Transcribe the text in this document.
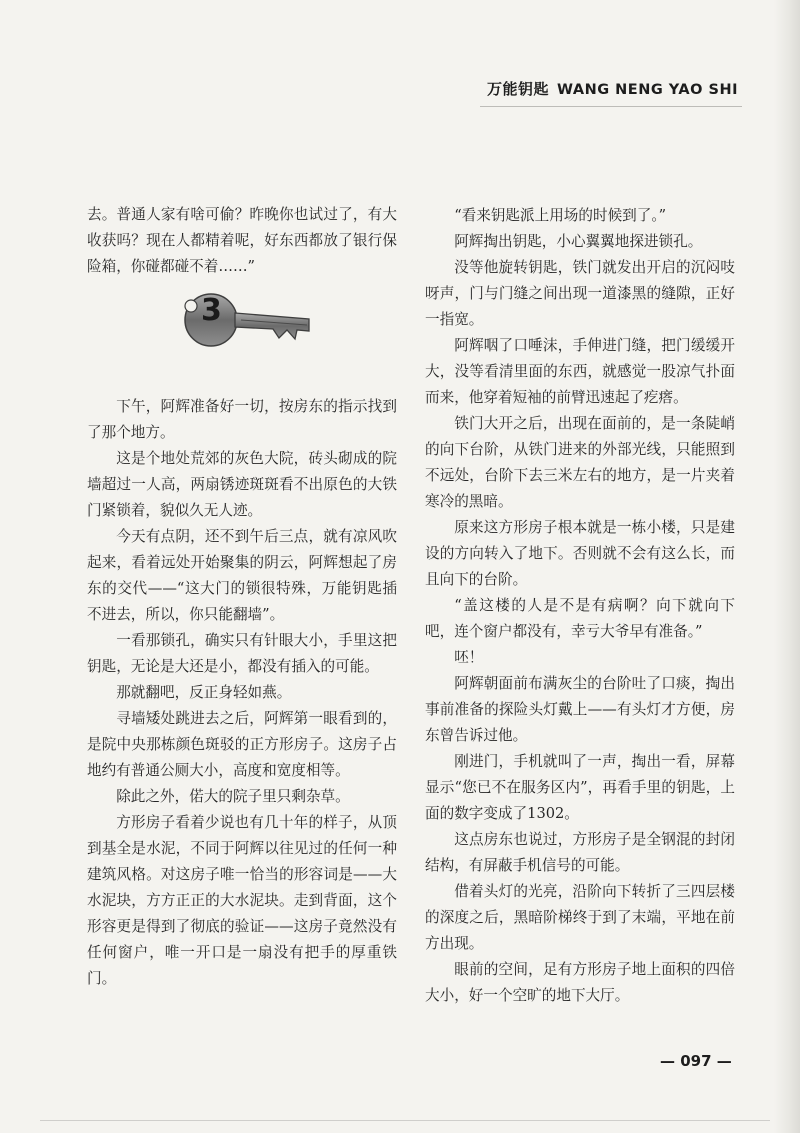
万能钥匙 WANG NENG YAO SHI

去。普通人家有啥可偷？昨晚你也试过了，有大收获吗？现在人都精着呢，好东西都放了银行保险箱，你碰都碰不着……”

3

下午，阿辉准备好一切，按房东的指示找到了那个地方。

这是个地处荒郊的灰色大院，砖头砌成的院墙超过一人高，两扇锈迹斑斑看不出原色的大铁门紧锁着，貌似久无人迹。

今天有点阴，还不到午后三点，就有凉风吹起来，看着远处开始聚集的阴云，阿辉想起了房东的交代——“这大门的锁很特殊，万能钥匙插不进去，所以，你只能翻墙”。

一看那锁孔，确实只有针眼大小，手里这把钥匙，无论是大还是小，都没有插入的可能。

那就翻吧，反正身轻如燕。

寻墙矮处跳进去之后，阿辉第一眼看到的，是院中央那栋颜色斑驳的正方形房子。这房子占地约有普通公厕大小，高度和宽度相等。

除此之外，偌大的院子里只剩杂草。

方形房子看着少说也有几十年的样子，从顶到基全是水泥，不同于阿辉以往见过的任何一种建筑风格。对这房子唯一恰当的形容词是——大水泥块，方方正正的大水泥块。走到背面，这个形容更是得到了彻底的验证——这房子竟然没有任何窗户，唯一开口是一扇没有把手的厚重铁门。

“看来钥匙派上用场的时候到了。”

阿辉掏出钥匙，小心翼翼地探进锁孔。

没等他旋转钥匙，铁门就发出开启的沉闷吱呀声，门与门缝之间出现一道漆黑的缝隙，正好一指宽。

阿辉咽了口唾沫，手伸进门缝，把门缓缓开大，没等看清里面的东西，就感觉一股凉气扑面而来，他穿着短袖的前臂迅速起了疙瘩。

铁门大开之后，出现在面前的，是一条陡峭的向下台阶，从铁门进来的外部光线，只能照到不远处，台阶下去三米左右的地方，是一片夹着寒冷的黑暗。

原来这方形房子根本就是一栋小楼，只是建设的方向转入了地下。否则就不会有这么长，而且向下的台阶。

“盖这楼的人是不是有病啊？向下就向下吧，连个窗户都没有，幸亏大爷早有准备。”

呸！

阿辉朝面前布满灰尘的台阶吐了口痰，掏出事前准备的探险头灯戴上——有头灯才方便，房东曾告诉过他。

刚进门，手机就叫了一声，掏出一看，屏幕显示“您已不在服务区内”，再看手里的钥匙，上面的数字变成了1302。

这点房东也说过，方形房子是全钢混的封闭结构，有屏蔽手机信号的可能。

借着头灯的光亮，沿阶向下转折了三四层楼的深度之后，黑暗阶梯终于到了末端，平地在前方出现。

眼前的空间，足有方形房子地上面积的四倍大小，好一个空旷的地下大厅。

— 097 —
